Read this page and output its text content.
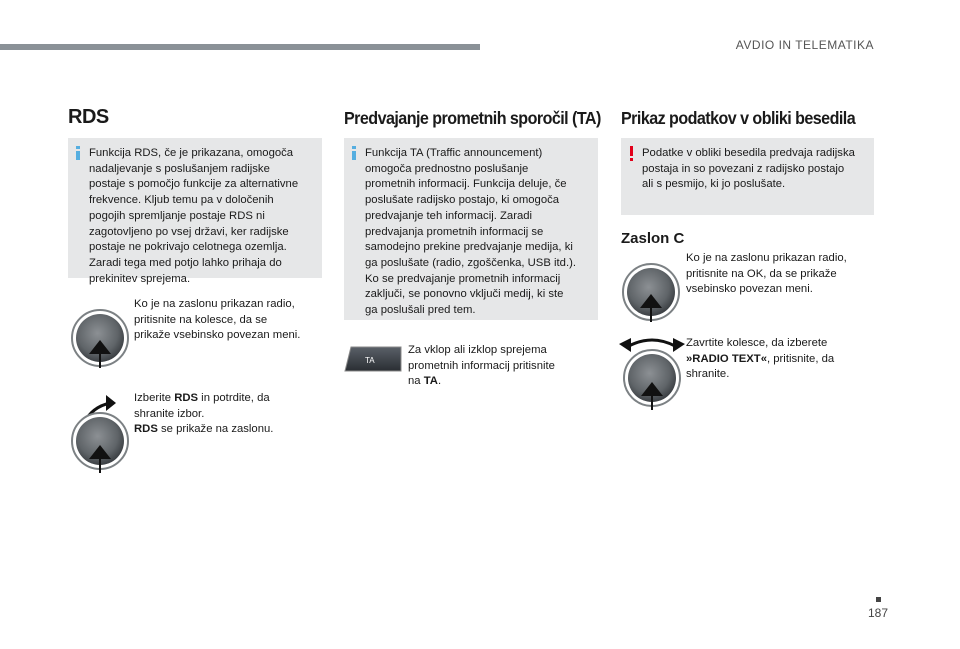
AVDIO IN TELEMATIKA
RDS
Funkcija RDS, če je prikazana, omogoča
nadaljevanje s poslušanjem radijske
postaje s pomočjo funkcije za alternativne
frekvence. Kljub temu pa v določenih
pogojih spremljanje postaje RDS ni
zagotovljeno po vsej državi, ker radijske
postaje ne pokrivajo celotnega ozemlja.
Zaradi tega med potjo lahko prihaja do
prekinitev sprejema.
Ko je na zaslonu prikazan radio,
pritisnite na kolesce, da se
prikaže vsebinsko povezan meni.
Izberite RDS in potrdite, da
shranite izbor.
RDS se prikaže na zaslonu.
Predvajanje prometnih sporočil (TA)
Funkcija TA (Traffic announcement)
omogoča prednostno poslušanje
prometnih informacij. Funkcija deluje, če
poslušate radijsko postajo, ki omogoča
predvajanje teh informacij. Zaradi
predvajanja prometnih informacij se
samodejno prekine predvajanje medija, ki
ga poslušate (radio, zgoščenka, USB itd.).
Ko se predvajanje prometnih informacij
zaključi, se ponovno vključi medij, ki ste
ga poslušali pred tem.
TA
Za vklop ali izklop sprejema
prometnih informacij pritisnite
na TA.
Prikaz podatkov v obliki besedila
Podatke v obliki besedila predvaja radijska
postaja in so povezani z radijsko postajo
ali s pesmijo, ki jo poslušate.
Zaslon C
Ko je na zaslonu prikazan radio,
pritisnite na OK, da se prikaže
vsebinsko povezan meni.
Zavrtite kolesce, da izberete
»RADIO TEXT«, pritisnite, da
shranite.
187
